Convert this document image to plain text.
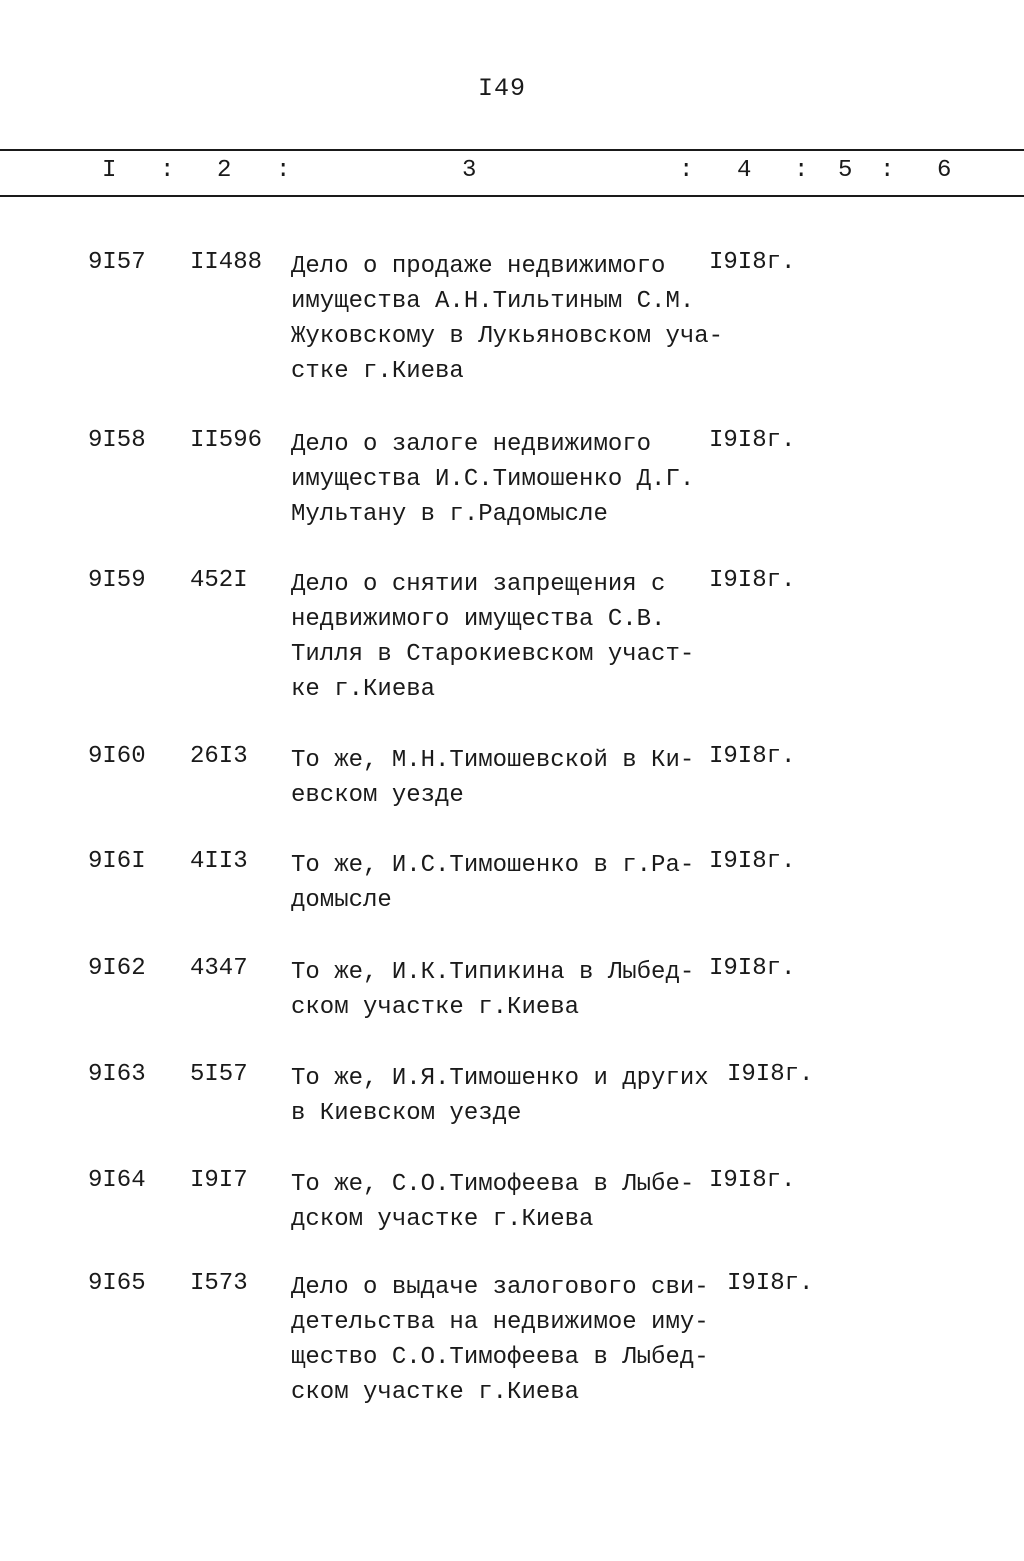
I49
I : 2 :	3	: 4 : 5 : 6
9I57 II488 Дело о продаже недвижимого
имущества А.Н.Тильтиным С.М.
Жуковскому в Лукьяновском уча-
стке г.Киева
I9I8г.
9I58 II596 Дело о залоге недвижимого
имущества И.С.Тимошенко Д.Г.
Мультану в г.Радомысле
I9I8г.
9I59 452I Дело о снятии запрещения с
недвижимого имущества С.В.
Тилля в Старокиевском участ-
ке г.Киева
I9I8г.
9I60 26I3 То же, М.Н.Тимошевской в Ки-
евском уезде
I9I8г.
9I6I 4II3 То же, И.С.Тимошенко в г.Ра-
домысле
I9I8г.
9I62 4347 То же, И.К.Типикина в Лыбед-
ском участке г.Киева
I9I8г.
9I63 5I57 То же, И.Я.Тимошенко и других
в Киевском уезде
I9I8г.
9I64 I9I7 То же, С.О.Тимофеева в Лыбе-
дском участке г.Киева
I9I8г.
9I65 I573 Дело о выдаче залогового сви-
детельства на недвижимое иму-
щество С.О.Тимофеева в Лыбед-
ском участке г.Киева
I9I8г.
